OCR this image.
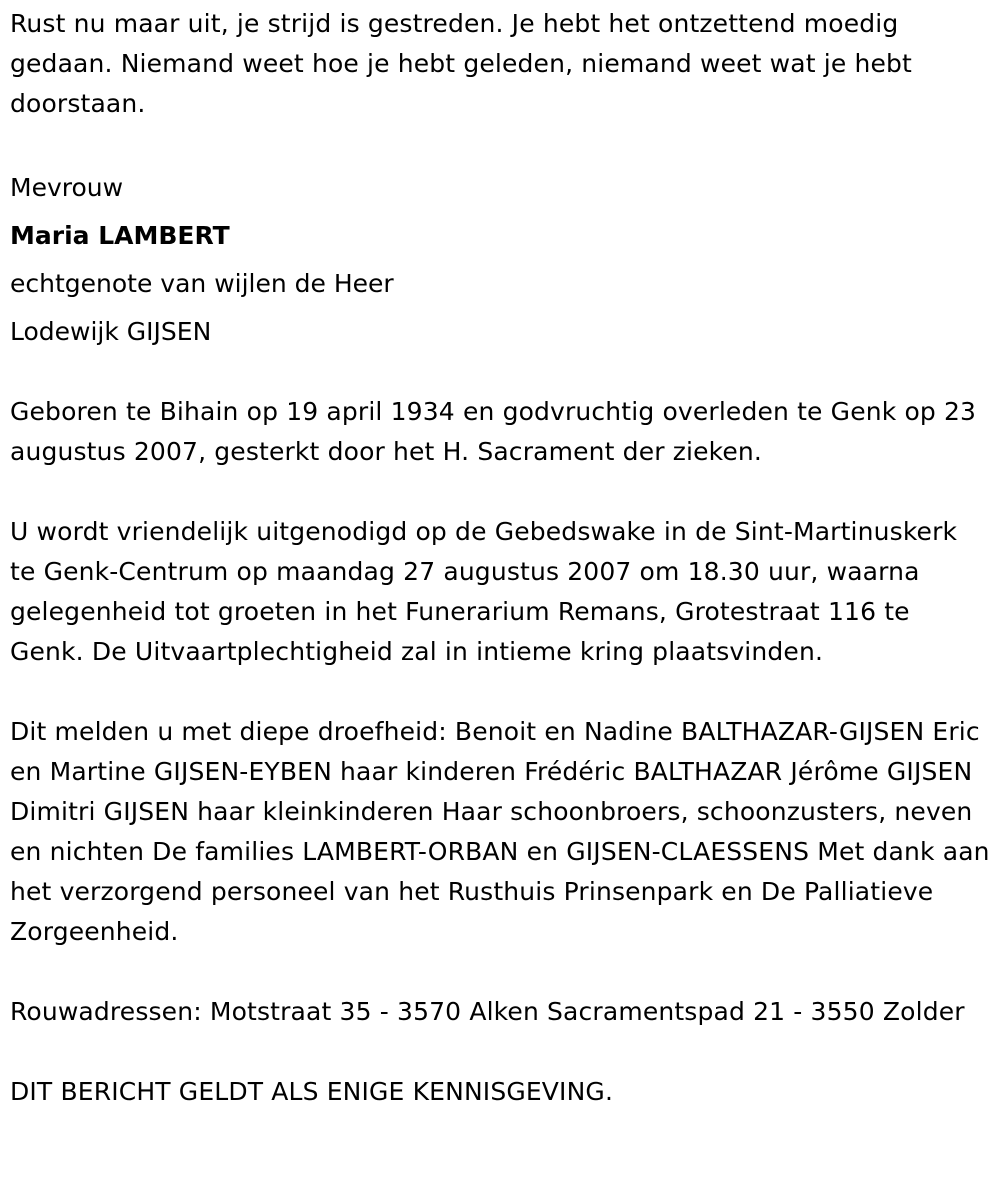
Rust nu maar uit, je strijd is gestreden. Je hebt het ontzettend moedig gedaan. Niemand weet hoe je hebt geleden, niemand weet wat je hebt doorstaan.

Mevrouw

Maria LAMBERT

echtgenote van wijlen de Heer

Lodewijk GIJSEN

Geboren te Bihain op 19 april 1934 en godvruchtig overleden te Genk op 23 augustus 2007, gesterkt door het H. Sacrament der zieken.

U wordt vriendelijk uitgenodigd op de Gebedswake in de Sint-Martinuskerk te Genk-Centrum op maandag 27 augustus 2007 om 18.30 uur, waarna gelegenheid tot groeten in het Funerarium Remans, Grotestraat 116 te Genk. De Uitvaartplechtigheid zal in intieme kring plaatsvinden.

Dit melden u met diepe droefheid: Benoit en Nadine BALTHAZAR-GIJSEN Eric en Martine GIJSEN-EYBEN haar kinderen Frédéric BALTHAZAR Jérôme GIJSEN Dimitri GIJSEN haar kleinkinderen Haar schoonbroers, schoonzusters, neven en nichten De families LAMBERT-ORBAN en GIJSEN-CLAESSENS Met dank aan het verzorgend personeel van het Rusthuis Prinsenpark en De Palliatieve Zorgeenheid.

Rouwadressen: Motstraat 35 - 3570 Alken Sacramentspad 21 - 3550 Zolder

DIT BERICHT GELDT ALS ENIGE KENNISGEVING.
